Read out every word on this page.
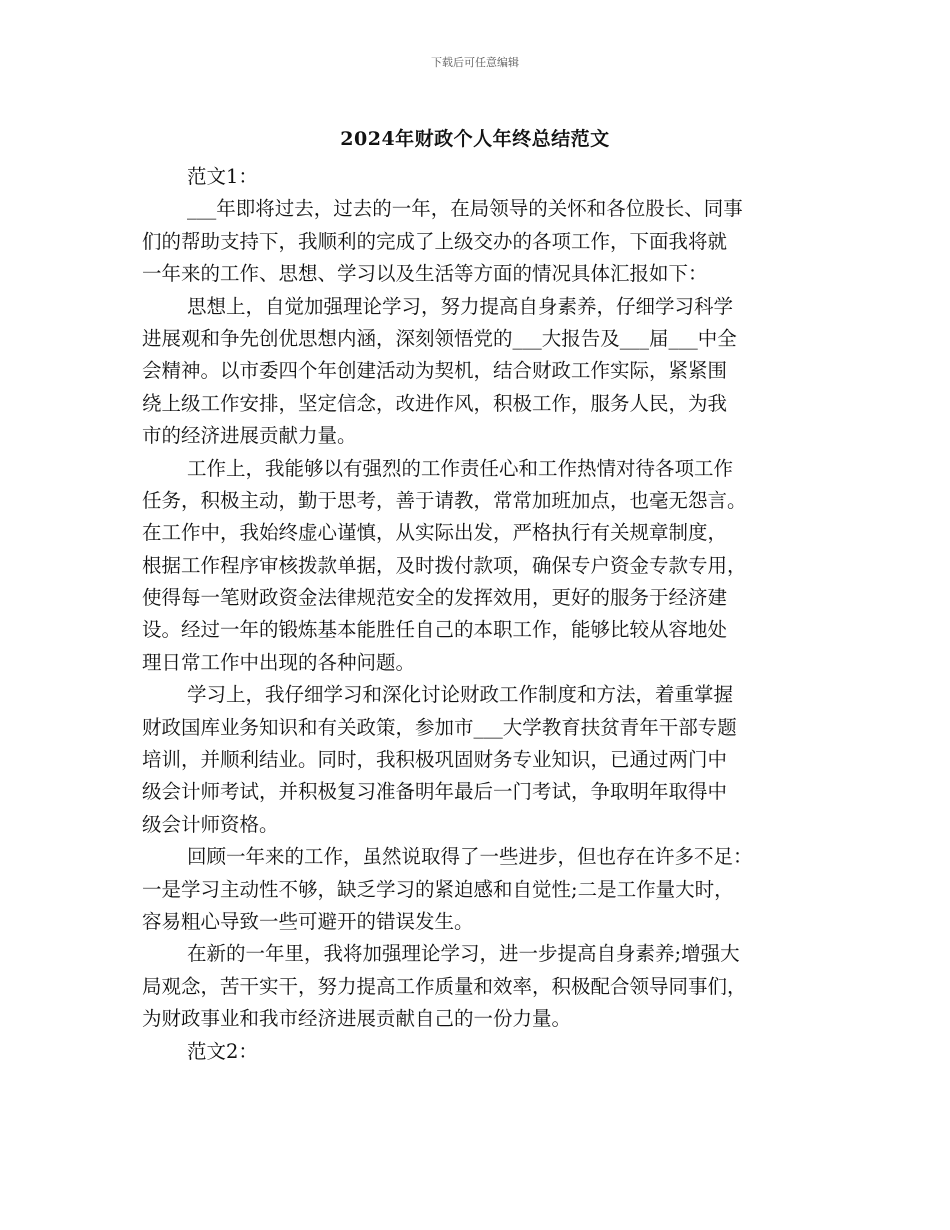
下载后可任意编辑
2024年财政个人年终总结范文
范文1：
___年即将过去，过去的一年，在局领导的关怀和各位股长、同事
们的帮助支持下，我顺利的完成了上级交办的各项工作，下面我将就
一年来的工作、思想、学习以及生活等方面的情况具体汇报如下：
思想上，自觉加强理论学习，努力提高自身素养，仔细学习科学
进展观和争先创优思想内涵，深刻领悟党的___大报告及___届___中全
会精神。以市委四个年创建活动为契机，结合财政工作实际，紧紧围
绕上级工作安排，坚定信念，改进作风，积极工作，服务人民，为我
市的经济进展贡献力量。
工作上，我能够以有强烈的工作责任心和工作热情对待各项工作
任务，积极主动，勤于思考，善于请教，常常加班加点，也毫无怨言。
在工作中，我始终虚心谨慎，从实际出发，严格执行有关规章制度，
根据工作程序审核拨款单据，及时拨付款项，确保专户资金专款专用，
使得每一笔财政资金法律规范安全的发挥效用，更好的服务于经济建
设。经过一年的锻炼基本能胜任自己的本职工作，能够比较从容地处
理日常工作中出现的各种问题。
学习上，我仔细学习和深化讨论财政工作制度和方法，着重掌握
财政国库业务知识和有关政策，参加市___大学教育扶贫青年干部专题
培训，并顺利结业。同时，我积极巩固财务专业知识，已通过两门中
级会计师考试，并积极复习准备明年最后一门考试，争取明年取得中
级会计师资格。
回顾一年来的工作，虽然说取得了一些进步，但也存在许多不足：
一是学习主动性不够，缺乏学习的紧迫感和自觉性;二是工作量大时，
容易粗心导致一些可避开的错误发生。
在新的一年里，我将加强理论学习，进一步提高自身素养;增强大
局观念，苦干实干，努力提高工作质量和效率，积极配合领导同事们，
为财政事业和我市经济进展贡献自己的一份力量。
范文2：
